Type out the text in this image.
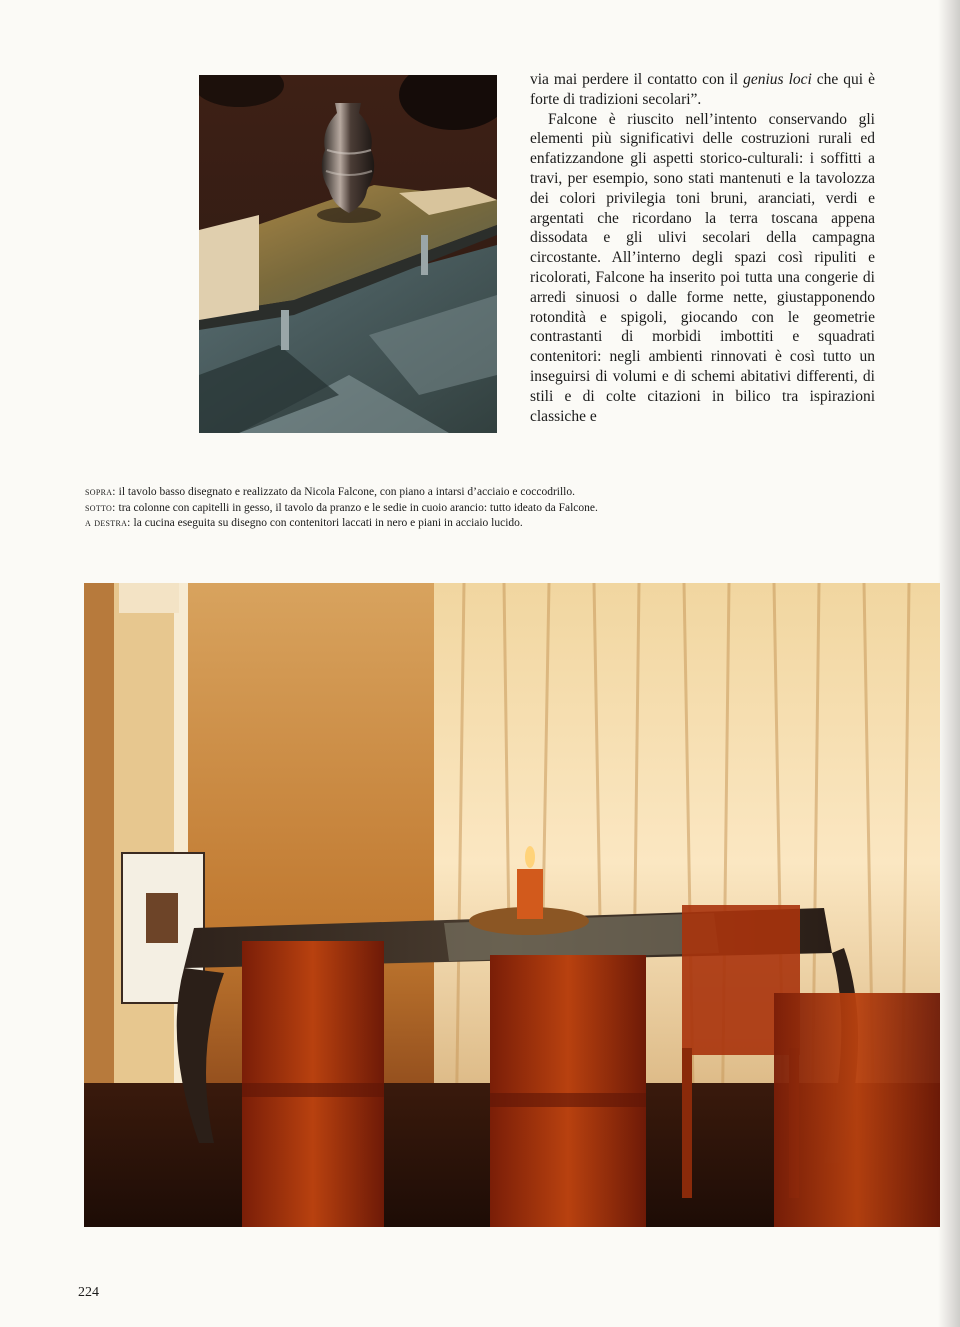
via mai perdere il contatto con il genius loci che qui è forte di tradizioni secolari”.

Falcone è riuscito nell’intento conservando gli elementi più significativi delle costruzioni rurali ed enfatizzandone gli aspetti storico-culturali: i soffitti a travi, per esempio, sono stati mantenuti e la tavolozza dei colori privilegia toni bruni, aranciati, verdi e argentati che ricordano la terra toscana appena dissodata e gli ulivi secolari della campagna circostante. All’interno degli spazi così ripuliti e ricolorati, Falcone ha inserito poi tutta una congerie di arredi sinuosi o dalle forme nette, giustapponendo rotondità e spigoli, giocando con le geometrie contrastanti di morbidi imbottiti e squadrati contenitori: negli ambienti rinnovati è così tutto un inseguirsi di volumi e di schemi abitativi differenti, di stili e di colte citazioni in bilico tra ispirazioni classiche e

sopra: il tavolo basso disegnato e realizzato da Nicola Falcone, con piano a intarsi d’acciaio e coccodrillo.
sotto: tra colonne con capitelli in gesso, il tavolo da pranzo e le sedie in cuoio arancio: tutto ideato da Falcone.
a destra: la cucina eseguita su disegno con contenitori laccati in nero e piani in acciaio lucido.
224
